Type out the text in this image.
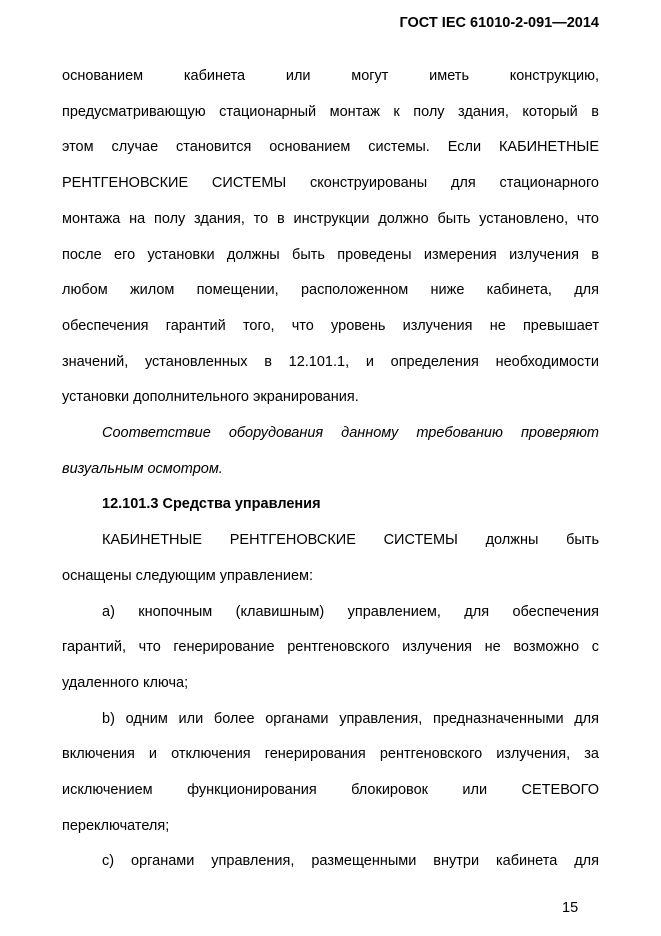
ГОСТ IEC 61010-2-091—2014
основанием кабинета или могут иметь конструкцию,
предусматривающую стационарный монтаж к полу здания, который в
этом случае становится основанием системы. Если КАБИНЕТНЫЕ
РЕНТГЕНОВСКИЕ СИСТЕМЫ сконструированы для стационарного
монтажа на полу здания, то в инструкции должно быть установлено, что
после его установки должны быть проведены измерения излучения в
любом жилом помещении, расположенном ниже кабинета, для
обеспечения гарантий того, что уровень излучения не превышает
значений, установленных в 12.101.1, и определения необходимости
установки дополнительного экранирования.
Соответствие оборудования данному требованию проверяют
визуальным осмотром.
12.101.3 Средства управления
КАБИНЕТНЫЕ РЕНТГЕНОВСКИЕ СИСТЕМЫ должны быть
оснащены следующим управлением:
а) кнопочным (клавишным) управлением, для обеспечения
гарантий, что генерирование рентгеновского излучения не возможно с
удаленного ключа;
b) одним или более органами управления, предназначенными для
включения и отключения генерирования рентгеновского излучения, за
исключением функционирования блокировок или СЕТЕВОГО
переключателя;
c) органами управления, размещенными внутри кабинета для
15
